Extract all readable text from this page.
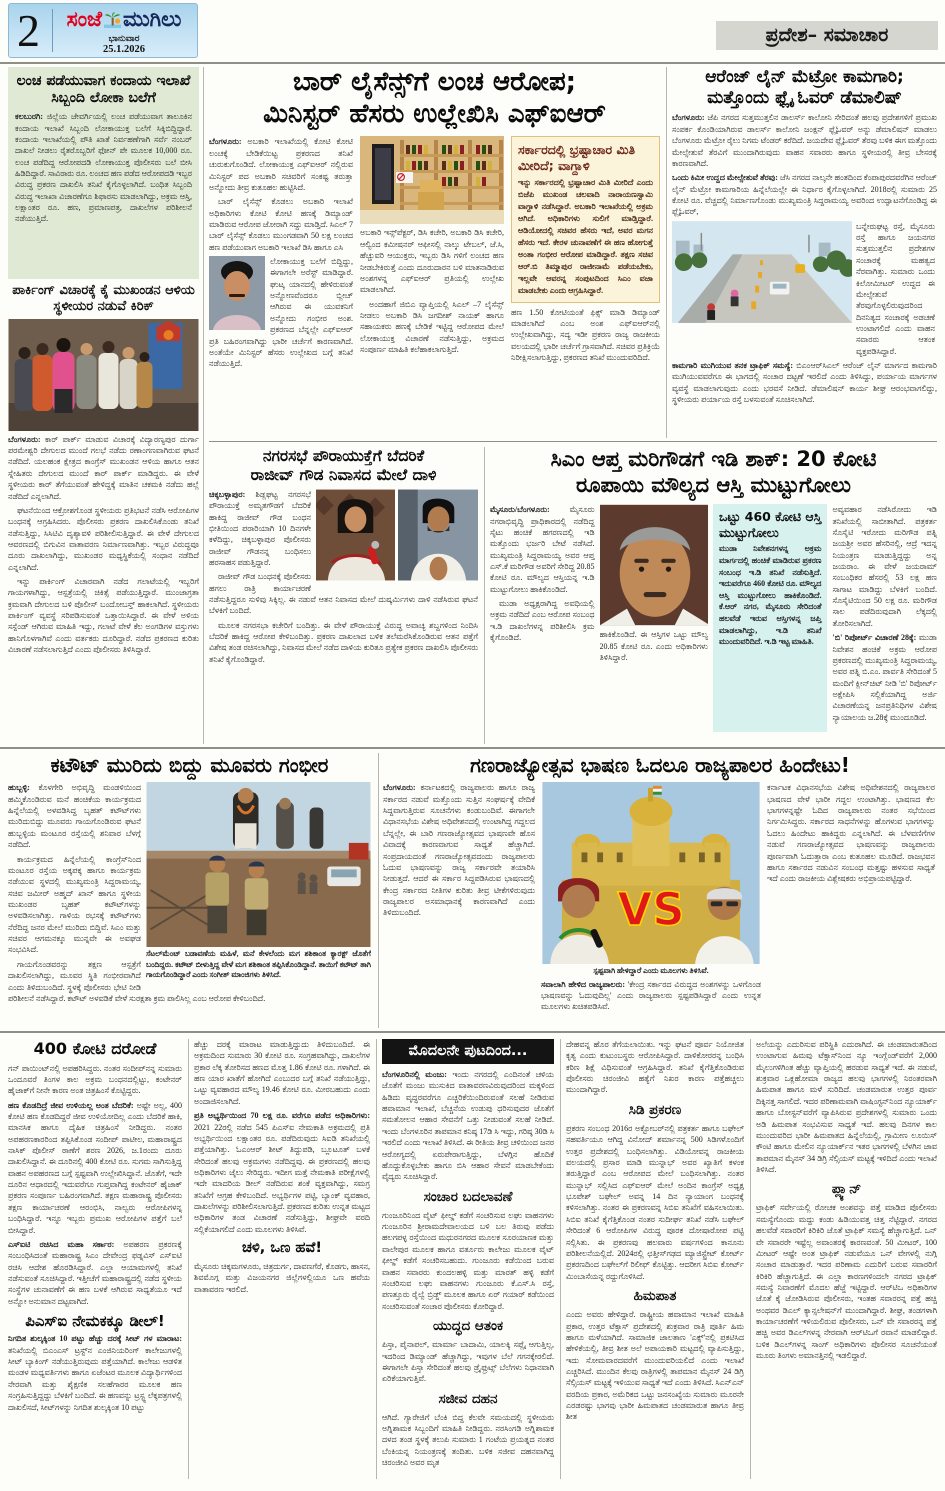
2	ಸಂಜೆ ಮುಗಿಲು
ಭಾನುವಾರ
25.1.2026
ಪ್ರದೇಶ– ಸಮಾಚಾರ
ಲಂಚ ಪಡೆಯುವಾಗ ಕಂದಾಯ ಇಲಾಖೆ ಸಿಬ್ಬಂದಿ ಲೋಕಾ ಬಲೆಗೆ

ಕಲಬುರಗಿ: ಜಿಲ್ಲೆಯ ಜೇವರ್ಗಿಯಲ್ಲಿ ಲಂಚ ಪಡೆಯುವಾಗ ತಾಲೂಕಿನ ಕಂದಾಯ ಇಲಾಖೆ ಸಿಬ್ಬಂದಿ ಲೋಕಾಯುಕ್ತ ಬಲೆಗೆ ಸಿಕ್ಕಿಬಿದ್ದಿದ್ದಾರೆ. ಕಂದಾಯ ಇಲಾಖೆಯಲ್ಲಿ ಪೌತಿ ಖಾತೆ ನಿರ್ವಹಣೆಗಾಗಿ ಸರ್ವೆ ನಂಬರ್ ದಾಖಲೆ ನೀಡಲು ರೈತರೊಬ್ಬರಿಗೆ ಫೋನ್ ಪೇ ಮೂಲಕ 10,000 ರೂ. ಲಂಚ ಪಡೆದಿದ್ದ ಆರೋಪದಡಿ ಲೋಕಾಯುಕ್ತ ಪೊಲೀಸರು ಬಲೆ ಬೀಸಿ ಹಿಡಿದಿದ್ದಾರೆ. ಸಾವಿರಾರು ರೂ. ಲಂಚದ ಹಣ ಪಡೆದ ಆರೋಪದಡಿ ಇಬ್ಬರ ವಿರುದ್ಧ ಪ್ರಕರಣ ದಾಖಲಿಸಿ ತನಿಖೆ ಕೈಗೊಳ್ಳಲಾಗಿದೆ. ಬಂಧಿತ ಸಿಬ್ಬಂದಿ ವಿರುದ್ಧ ಇಲಾಖಾ ವಿಚಾರಣೆಗೂ ಶಿಫಾರಸು ಮಾಡಲಾಗಿದ್ದು, ಅಕ್ರಮ ಆಸ್ತಿ, ಲಕ್ಷಾಂತರ ರೂ. ಹಣ, ಪ್ರಮಾಣಪತ್ರ, ದಾಖಲೆಗಳ ಪರಿಶೀಲನೆ ನಡೆಯುತ್ತಿದೆ.

ಪಾರ್ಕಿಂಗ್ ವಿಚಾರಕ್ಕೆ ಕೈ ಮುಖಂಡನ ಆಳಿಯ ಸ್ಥಳೀಯರ ನಡುವೆ ಕಿರಿಕ್

ಬೆಂಗಳೂರು: ಕಾರ್ ಪಾರ್ಕ್ ಮಾಡುವ ವಿಚಾರಕ್ಕೆ ವಿದ್ಯಾರಣ್ಯಪುರ ದುರ್ಗಾ ಪರಮೇಶ್ವರಿ ದೇಗುಲದ ಮುಂದೆ ಗಲಭೆ ನಡೆದು ರಣಾಂಗಣವಾಗಿರುವ ಘಟನೆ ನಡೆದಿದೆ. ಯಲಹಂಕ ಕ್ಷೇತ್ರದ ಕಾಂಗ್ರೆಸ್ ಮುಖಂಡನ ಆಳಿಯ ಹಾಗೂ ಆತನ ಸ್ನೇಹಿತರು ದೇಗುಲದ ಮುಂದೆ ಕಾರ್ ಪಾರ್ಕ್ ಮಾಡಿದ್ದರು. ಈ ವೇಳೆ ಸ್ಥಳೀಯರು ಕಾರ್ ತೆಗೆಯುವಂತೆ ಹೇಳಿದ್ದಕ್ಕೆ ಮಾತಿನ ಚಕಮಕಿ ನಡೆದು ಹಲ್ಲೆ ನಡೆದಿದೆ ಎನ್ನಲಾಗಿದೆ.

ಘಟನೆಯಿಂದ ಆಕ್ರೋಶಗೊಂಡ ಸ್ಥಳೀಯರು ಪ್ರತಿಭಟನೆ ನಡೆಸಿ ಆರೋಪಿಗಳ ಬಂಧನಕ್ಕೆ ಆಗ್ರಹಿಸಿದರು. ಪೊಲೀಸರು ಪ್ರಕರಣ ದಾಖಲಿಸಿಕೊಂಡು ತನಿಖೆ ನಡೆಸುತ್ತಿದ್ದು, ಸಿಸಿಟಿವಿ ದೃಶ್ಯಾವಳಿ ಪರಿಶೀಲಿಸುತ್ತಿದ್ದಾರೆ. ಈ ವೇಳೆ ದೇಗುಲದ ಆವರಣದಲ್ಲಿ ಬಿಗುವಿನ ವಾತಾವರಣ ನಿರ್ಮಾಣವಾಗಿತ್ತು. ಇಬ್ಬರ ವಿರುದ್ಧವೂ ದೂರು ದಾಖಲಾಗಿದ್ದು, ಮುಖಂಡರ ಮಧ್ಯಸ್ಥಿಕೆಯಲ್ಲಿ ಸಂಧಾನ ನಡೆದಿದೆ ಎನ್ನಲಾಗಿದೆ.

ಇನ್ನು ಪಾರ್ಕಿಂಗ್ ವಿಚಾರವಾಗಿ ನಡೆದ ಗಲಾಟೆಯಲ್ಲಿ ಇಬ್ಬರಿಗೆ ಗಾಯಗಳಾಗಿದ್ದು, ಆಸ್ಪತ್ರೆಯಲ್ಲಿ ಚಿಕಿತ್ಸೆ ಪಡೆಯುತ್ತಿದ್ದಾರೆ. ಮುಂಜಾಗ್ರತಾ ಕ್ರಮವಾಗಿ ದೇಗುಲದ ಬಳಿ ಪೊಲೀಸ್ ಬಂದೋಬಸ್ತ್ ಹಾಕಲಾಗಿದೆ. ಸ್ಥಳೀಯರು ಪಾರ್ಕಿಂಗ್ ವ್ಯವಸ್ಥೆ ಸರಿಪಡಿಸುವಂತೆ ಒತ್ತಾಯಿಸಿದ್ದಾರೆ. ಈ ವೇಳೆ ಅಳಿಯ ಸಸ್ಪೆಂಡ್ ಆಗಿರುವ ಮಾಹಿತಿ ಇದ್ದು, ಗಲಾಟೆ ವೇಳೆ ಕೆಲ ಅಂಗಡಿಗಳ ವಸ್ತುಗಳು ಹಾನಿಗೊಳಗಾಗಿವೆ ಎಂದು ವರ್ತಕರು ದೂರಿದ್ದಾರೆ. ನಡೆದ ಪ್ರಕರಣದ ಕುರಿತು ವಿಚಾರಣೆ ನಡೆಸಲಾಗುತ್ತಿದೆ ಎಂದು ಪೊಲೀಸರು ತಿಳಿಸಿದ್ದಾರೆ.

ಬಾರ್ ಲೈಸೆನ್ಸ್‌ಗೆ ಲಂಚ ಆರೋಪ;
ಮಿನಿಸ್ಟರ್ ಹೆಸರು ಉಲ್ಲೇಖಿಸಿ ಎಫ್‌ಐಆರ್

ಬೆಂಗಳೂರು: ಅಬಕಾರಿ ಇಲಾಖೆಯಲ್ಲಿ ಕೋಟಿ ಕೋಟಿ ಲಂಚಕ್ಕೆ ಬೇಡಿಕೆಯಿಟ್ಟ ಪ್ರಕರಣದ ತನಿಖೆ ಚುರುಕುಗೊಂಡಿದೆ. ಲೋಕಾಯುಕ್ತ ಎಫ್‌ಐಆರ್ ನಲ್ಲಿರುವ ಮಿನಿಸ್ಟರ್ ಪದ ಅಬಕಾರಿ ಸಚಿವರಿಗೆ ಸಂಕಷ್ಟ ತರುತ್ತಾ ಅನ್ನೋದು ತೀವ್ರ ಕುತೂಹಲ ಹುಟ್ಟಿಸಿದೆ.

ಬಾರ್ ಲೈಸೆನ್ಸ್ ಕೊಡಲು ಅಬಕಾರಿ ಇಲಾಖೆ ಅಧಿಕಾರಿಗಳು ಕೋಟಿ ಕೋಟಿ ಹಣಕ್ಕೆ ಡಿಮ್ಯಾಂಡ್ ಮಾಡಿರುವ ಆರೋಪ ಜೋರಾಗಿ ಸದ್ದು ಮಾಡ್ತಿದೆ. ಸಿಎಲ್ 7 ಬಾರ್ ಲೈಸೆನ್ಸ್ ಕೊಡಲು ಮುಂಗಡವಾಗಿ 50 ಲಕ್ಷ ಲಂಚದ ಹಣ ಪಡೆಯುವಾಗ ಅಬಕಾರಿ ಇಲಾಖೆ ಡಿಸಿ ಹಾಗೂ ಎಸಿ

ಲೋಕಾಯುಕ್ತ ಬಲೆಗೆ ಬಿದ್ದಿದ್ದು, ಈಗಾಗಲೇ ಅರೆಸ್ಟ್ ಮಾಡಿದ್ದಾರೆ. ಘುಟ್ಕ ಯಾನದಲ್ಲಿ ಹೇಳಿರುವಂತೆ ಅನ್ನೋಣವೆಂದರೂ ಬ್ಲೀಚ್ ಆಗಿರುವ ಈ ಯುವಕನಿಗೆ ಅನ್ನೋದು ಗಂಭೀರ ಅಂಶ. ಪ್ರಕರಣದ ಬೆನ್ನಲ್ಲೇ ಎಫ್‌ಐಆರ್ ಪ್ರತಿ ಬಹಿರಂಗವಾಗಿದ್ದು ಭಾರೀ ಚರ್ಚೆಗೆ ಕಾರಣವಾಗಿದೆ. ಅಂತೆಯೇ ಮಿನಿಸ್ಟರ್ ಹೆಸರು ಉಲ್ಲೇಖದ ಬಗ್ಗೆ ತನಿಖೆ ನಡೆಯುತ್ತಿದೆ.

ಅಬಕಾರಿ ಇನ್ಸ್‌ಪೆಕ್ಟರ್, ಡಿಸಿ ಕಚೇರಿ, ಅಬಕಾರಿ ಡಿಸಿ ಕಚೇರಿ, ಆಲ್ವಿಂದ ಕಮೀಷನರ್ ಆಫೀಸಲ್ಲಿ ನಾಲ್ಕು ಟೇಬಲ್, ಜೆ.ಸಿ, ಹೆಚ್ಚುವರಿ ಆಯುಕ್ತರು, ಇಬ್ಬರು ಡಿಸಿ ಗಳಿಗೆ ಲಂಚದ ಹಣ ನೀಡಬೇಕಿರುತ್ತೆ ಎಂದು ದೂರುದಾರನ ಬಳಿ ಮಾತನಾಡಿರುವ ಅಂಶಗಳನ್ನ ಎಫ್‌ಐಆರ್ ಪ್ರತಿಯಲ್ಲಿ ಉಲ್ಲೇಖ ಮಾಡಲಾಗಿದೆ.

ಅಂದಹಾಗೆ ಜಿಬಿಎ ವ್ಯಾಪ್ತಿಯಲ್ಲಿ ಸಿಎಲ್ –7 ಲೈಸೆನ್ಸ್ ನೀಡಲು ಅಬಕಾರಿ ಡಿಸಿ ಜಗದೀಶ್ ನಾಯಕ್ ಹಾಗೂ ಸಹಾಯಕರು ಹಣಕ್ಕೆ ಬೇಡಿಕೆ ಇಟ್ಟಿದ್ದ ಆರೋಪದ ಮೇಲೆ ಲೋಕಾಯುಕ್ತ ವಿಚಾರಣೆ ನಡೆಸುತ್ತಿದ್ದು, ಅಕ್ರಮದ ಸಂಪೂರ್ಣ ಮಾಹಿತಿ ಕಲೆಹಾಕಲಾಗುತ್ತಿದೆ.

ಸರ್ಕಾರದಲ್ಲಿ ಭ್ರಷ್ಟಾಚಾರ ಮಿತಿ ಮೀರಿದೆ; ವಾಗ್ದಾಳಿ
ಇನ್ನು ಸರ್ಕಾರದಲ್ಲಿ ಭ್ರಷ್ಟಾಚಾರ ಮಿತಿ ಮೀರಿದೆ ಎಂದು ಬಿಜೆಪಿ ಮುಖಂಡ ಚಲವಾದಿ ನಾರಾಯಣಸ್ವಾಮಿ ವಾಗ್ದಾಳಿ ನಡೆಸಿದ್ದಾರೆ. ಅಬಕಾರಿ ಇಲಾಖೆಯಲ್ಲಿ ಅಕ್ರಮ ಆಗಿದೆ. ಅಧಿಕಾರಿಗಳು ಸುಲಿಗೆ ಮಾಡ್ತಿದ್ದಾರೆ. ಆಡಿಯೋದಲ್ಲಿ ಸಚಿವರ ಹೆಸರು ಇದೆ, ಅವರ ಮಗನ ಹೆಸರು ಇದೆ. ಕೇರಳ ಚುನಾವಣೆಗೆ ಈ ಹಣ ಹೋಗುತ್ತೆ ಅಂತಾ ಗಂಭೀರ ಆರೋಪ ಮಾಡಿದ್ದಾರೆ. ತಕ್ಷಣ ಸಚಿವ ಆರ್.ಬಿ ತಿಮ್ಮಾಪುರ ರಾಜೀನಾಮೆ ಪಡೆಯಬೇಕು, ಇಲ್ಲವೇ ಆವರನ್ನ ಸಂಪುಟದಿಂದ ಸಿಎಂ ವಜಾ ಮಾಡಬೇಕು ಎಂದು ಆಗ್ರಹಿಸಿದ್ದಾರೆ.

ಹಣ 1.50 ಕೋಟಿಯಂತೆ ಫಿಕ್ಸ್ ಮಾಡಿ ಡಿಮ್ಯಾಂಡ್ ಮಾಡಲಾಗಿದೆ ಎಂಬ ಅಂಶ ಎಫ್‌ಐಆರ್‌ನಲ್ಲಿ ಉಲ್ಲೇಖವಾಗಿದ್ದು, ಸದ್ಯ ಇಡೀ ಪ್ರಕರಣ ರಾಜ್ಯ ರಾಜಕೀಯ ವಲಯದಲ್ಲಿ ಭಾರೀ ಚರ್ಚೆಗೆ ಗ್ರಾಸವಾಗಿದೆ. ಸಚಿವರ ಪ್ರತಿಕ್ರಿಯೆ ನಿರೀಕ್ಷಿಸಲಾಗುತ್ತಿದ್ದು, ಪ್ರಕರಣದ ತನಿಖೆ ಮುಂದುವರಿದಿದೆ.

ಆರೆಂಜ್ ಲೈನ್ ಮೆಟ್ರೋ ಕಾಮಗಾರಿ;
ಮತ್ತೊಂದು ಫ್ಲೈ ಓವರ್ ಡೆಮಾಲಿಷ್

ಬೆಂಗಳೂರು: ಜೆಪಿ ನಗರದ ಸುತ್ತಮುತ್ತಲಿನ ಡಾಲರ್ಸ್ ಕಾಲೋನಿ ಸೇರಿದಂತೆ ಹಲವು ಪ್ರದೇಶಗಳಿಗೆ ಪ್ರಮುಖ ಸಂಪರ್ಕ ಕೊಂಡಿಯಾಗಿರುವ ಡಾಲರ್ಸ್ ಕಾಲೋನಿ ಜಂಕ್ಷನ್ ಫ್ಲೈಓವರ್ ಅನ್ನು ಡೆಮಾಲಿಷನ್ ಮಾಡಲು ಬೆಂಗಳೂರು ಮೆಟ್ರೋ ರೈಲು ನಿಗಮ ಟೆಂಡರ್ ಕರೆದಿದೆ. ಜಯದೇವ ಫ್ಲೈಓವರ್ ತೆರವು ಬಳಿಕ ಈಗ ಮತ್ತೊಂದು ಮೇಲ್ಸೇತುವೆ ತೆರವಿಗೆ ಮುಂದಾಗಿರುವುದು ವಾಹನ ಸವಾರರು ಹಾಗೂ ಸ್ಥಳೀಯರಲ್ಲಿ ತೀವ್ರ ಬೇಸರಕ್ಕೆ ಕಾರಣವಾಗಿದೆ.

ಒಂದು ಕಿಮೀ ಉದ್ದದ ಮೇಲ್ಸೇತುವೆ ತೆರವು: ಜೆಸಿ ನಗರದ ನಾಲ್ಕನೇ ಹಂತದಿಂದ ಕೆಂಪಾಪುರದವರೆಗಿನ ಆರೆಂಜ್ ಲೈನ್ ಮೆಟ್ರೋ ಕಾಮಗಾರಿಯ ಹಿನ್ನೆಲೆಯಲ್ಲೇ ಈ ನಿರ್ಧಾರ ಕೈಗೊಳ್ಳಲಾಗಿದೆ. 2018ರಲ್ಲಿ ಸುಮಾರು 25 ಕೋಟಿ ರೂ. ವೆಚ್ಚದಲ್ಲಿ ನಿರ್ಮಾಣಗೊಂಡು ಮುಖ್ಯಮಂತ್ರಿ ಸಿದ್ದರಾಮಯ್ಯ ಅವರಿಂದ ಉದ್ಘಾಟನೆಗೊಂಡಿದ್ದ ಈ ಫ್ಲೈಓವರ್,

ಬನ್ನೇರುಘಟ್ಟ ರಸ್ತೆ, ಮೈಸೂರು ರಸ್ತೆ ಹಾಗೂ ಜಯನಗರ ಸುತ್ತಮುತ್ತಲಿನ ಪ್ರದೇಶಗಳ ಸಂಚಾರಕ್ಕೆ ಮಹತ್ವದ ನೆರವಾಗಿತ್ತು. ಸುಮಾರು ಒಂದು ಕಿಲೋಮೀಟರ್ ಉದ್ದದ ಈ ಮೇಲ್ಸೇತುವೆ ತೆರವುಗೊಳ್ಳಲಿರುವುದರಿಂದ ದಿನನಿತ್ಯದ ಸಂಚಾರಕ್ಕೆ ಅಡಚಣೆ ಉಂಟಾಗಲಿದೆ ಎಂದು ವಾಹನ ಸವಾರರು ಆತಂಕ ವ್ಯಕ್ತಪಡಿಸಿದ್ದಾರೆ.

ಕಾಮಗಾರಿ ಮುಗಿಯುವ ತನಕ ಟ್ರಾಫಿಕ್ ಸಮಸ್ಯೆ: ಬಿಎಂಆರ್‌ಸಿಎಲ್ ಆರೆಂಜ್ ಲೈನ್ ಮಾರ್ಗದ ಕಾಮಗಾರಿ ಮುಗಿಯುವವರೆಗೂ ಈ ಭಾಗದಲ್ಲಿ ಸಂಚಾರ ದಟ್ಟಣೆ ಇರಲಿದೆ ಎಂದು ತಿಳಿಸಿದ್ದು, ಪರ್ಯಾಯ ಮಾರ್ಗಗಳ ವ್ಯವಸ್ಥೆ ಮಾಡಲಾಗುವುದು ಎಂದು ಭರವಸೆ ನೀಡಿದೆ. ಡೆಮಾಲಿಷನ್ ಕಾರ್ಯ ಶೀಘ್ರ ಆರಂಭವಾಗಲಿದ್ದು, ಸ್ಥಳೀಯರು ಪರ್ಯಾಯ ರಸ್ತೆ ಬಳಸುವಂತೆ ಸೂಚಿಸಲಾಗಿದೆ.

ನಗರಸಭೆ ಪೌರಾಯುಕ್ತೆಗೆ ಬೆದರಿಕೆ
ರಾಜೀವ್ ಗೌಡ ನಿವಾಸದ ಮೇಲೆ ದಾಳಿ

ಚಿಕ್ಕಬಳ್ಳಾಪುರ: ಶಿಡ್ಲಘಟ್ಟ ನಗರಸಭೆ ಪೌರಾಯುಕ್ತೆ ಅಮೃತಗೌಡಗೆ ಬೆದರಿಕೆ ಹಾಕಿದ್ದ ರಾಜೀವ್ ಗೌಡ ಬಂಧನ ಭೀತಿಯಿಂದ ಪರಾರಿಯಾಗಿ 10 ದಿನಗಳೇ ಕಳೆದಿದ್ದು, ಚಿಕ್ಕಬಳ್ಳಾಪುರ ಪೊಲೀಸರು ರಾಜೀವ್ ಗೌಡನನ್ನ ಬಂಧಿಸಲು ಹರಸಾಹಸ ಪಡುತ್ತಿದ್ದಾರೆ.

ರಾಜೀವ್ ಗೌಡ ಬಂಧನಕ್ಕೆ ಪೊಲೀಸರು ಹಗಲು ರಾತ್ರಿ ಕಾರ್ಯಾಚರಣೆ ನಡೆಸುತ್ತಿದ್ದರೂ ಸುಳಿವು ಸಿಕ್ಕಿಲ್ಲ. ಈ ನಡುವೆ ಆತನ ನಿವಾಸದ ಮೇಲೆ ದುಷ್ಕರ್ಮಿಗಳು ದಾಳಿ ನಡೆಸಿರುವ ಘಟನೆ ಬೆಳಕಿಗೆ ಬಂದಿದೆ.

ಮೂಲಕ ನಗರಸಭಾ ಕಚೇರಿಗೆ ಬಂದಿತ್ತು. ಈ ವೇಳೆ ಪೌರಾಯುಕ್ತೆ ವಿರುದ್ಧ ಅವಾಚ್ಯ ಶಬ್ದಗಳಿಂದ ನಿಂದಿಸಿ ಬೆದರಿಕೆ ಹಾಕಿದ್ದ ಆರೋಪ ಕೇಳಿಬಂದಿತ್ತು. ಪ್ರಕರಣ ದಾಖಲಾದ ಬಳಿಕ ತಲೆಮರೆಸಿಕೊಂಡಿರುವ ಆತನ ಪತ್ತೆಗೆ ವಿಶೇಷ ತಂಡ ರಚಿಸಲಾಗಿದ್ದು, ನಿವಾಸದ ಮೇಲೆ ನಡೆದ ದಾಳಿಯ ಕುರಿತೂ ಪ್ರತ್ಯೇಕ ಪ್ರಕರಣ ದಾಖಲಿಸಿ ಪೊಲೀಸರು ತನಿಖೆ ಕೈಗೊಂಡಿದ್ದಾರೆ.

ಸಿಎಂ ಆಪ್ತ ಮರಿಗೌಡಗೆ ಇಡಿ ಶಾಕ್: 20 ಕೋಟಿ
ರೂಪಾಯಿ ಮೌಲ್ಯದ ಆಸ್ತಿ ಮುಟ್ಟುಗೋಲು

ಮೈಸೂರು/ಬೆಂಗಳೂರು: ಮೈಸೂರು ನಗರಾಭಿವೃದ್ಧಿ ಪ್ರಾಧಿಕಾರದಲ್ಲಿ ನಡೆದಿದ್ದ ಸೈಟು ಹಂಚಿಕೆ ಹಗರಣದಲ್ಲಿ ಇಡಿ ಮತ್ತೊಂದು ಭರ್ಜರಿ ಬೇಟೆ ನಡೆಸಿದೆ. ಮುಖ್ಯಮಂತ್ರಿ ಸಿದ್ದರಾಮಯ್ಯ ಅವರ ಆಪ್ತ ಎಸ್.ಕೆ ಮರಿಗೌಡ ಅವರಿಗೆ ಸೇರಿದ್ದ 20.85 ಕೋಟಿ ರೂ. ಮೌಲ್ಯದ ಆಸ್ತಿಯನ್ನ ಇ.ಡಿ ಮುಟ್ಟುಗೋಲು ಹಾಕಿಕೊಂಡಿದೆ.

ಮುಡಾ ಅಧ್ಯಕ್ಷರಾಗಿದ್ದ ಅವಧಿಯಲ್ಲಿ ಅಕ್ರಮ ನಡೆದಿದೆ ಎಂಬ ಆರೋಪ ಸಂಬಂಧ ಇ.ಡಿ ದಾಖಲೆಗಳನ್ನ ಪರಿಶೀಲಿಸಿ ಕ್ರಮ ಕೈಗೊಂಡಿದೆ.	ಹಾಕಿಕೊಂಡಿದೆ. ಈ ಆಸ್ತಿಗಳ ಒಟ್ಟು ಮೌಲ್ಯ 20.85 ಕೋಟಿ ರೂ. ಎಂದು ಅಧಿಕಾರಿಗಳು ತಿಳಿಸಿದ್ದಾರೆ.

ಒಟ್ಟು 460 ಕೋಟಿ ಆಸ್ತಿ ಮುಟ್ಟುಗೋಲು
ಮುಡಾ ನಿವೇಶನಗಳನ್ನ ಅಕ್ರಮ ಮಾರ್ಗದಲ್ಲಿ ಹಂಚಿಕೆ ಮಾಡಿರುವ ಪ್ರಕರಣ ಸಂಬಂಧ ಇ.ಡಿ ತನಿಖೆ ನಡೆಸುತ್ತಿದೆ. ಇದುವರೆಗೂ 460 ಕೋಟಿ ರೂ. ಮೌಲ್ಯದ ಆಸ್ತಿ ಮುಟ್ಟುಗೋಲು ಹಾಕಿಕೊಂಡಿದೆ. ಕೆ.ಆರ್ ನಗರ, ಮೈಸೂರು ಸೇರಿದಂತೆ ಹಲವೆಡೆ ಇರುವ ಆಸ್ತಿಗಳನ್ನ ಜಪ್ತಿ ಮಾಡಲಾಗಿದ್ದು, ಇ.ಡಿ ತನಿಖೆ ಮುಂದುವರಿದಿದೆ. ಇ.ಡಿ ಇಟ್ಟ ಮಾಹಿತಿ.

ಅವ್ಯವಹಾರ ನಡೆಸಿರೋದು ಇಡಿ ತನಿಖೆಯಲ್ಲಿ ಸಾಬೀತಾಗಿದೆ. ಪತ್ರಕರ್ತ ಸೊಸೈಟಿ ಇರೋದು ಮರಿಗೌಡ ಪತ್ನಿ ಜಯಶ್ರೀ ಅವರ ಹೆಸರಿನಲ್ಲಿ, ಆದ್ರೆ ಇದನ್ನ ನಿಯಂತ್ರಣ ಮಾಡುತ್ತಿದ್ದದ್ದು ಅನ್ನ ಜಯರಾಂ. ಈ ವೇಳೆ ಜಯರಾಮ್ ಸಂಬಂಧಿಕರ ಹೆಸರಲ್ಲಿ 53 ಲಕ್ಷ ಹಣ ಸಾಗಾಟ ಮಾಡಿದ್ದು ಬೆಳಕಿಗೆ ಬಂದಿದೆ. ಸೊಸೈಟಿಯಿಂದ 50 ಲಕ್ಷ ರೂ. ಮರಿಗೌಡ ಸಾಲ ಪಡೆದಿರುವುದಾಗಿ ಲೆಕ್ಕದಲ್ಲಿ ತೋರಿಸಲಾಗಿದೆ.

'ಬಿ' ರಿಪೋರ್ಟ್ ವಿಚಾರಣೆ 28ಕ್ಕೆ: ಮುಡಾ ನಿವೇಶನ ಹಂಚಿಕೆ ಅಕ್ರಮ ಆರೋಪ ಪ್ರಕರಣದಲ್ಲಿ ಮುಖ್ಯಮಂತ್ರಿ ಸಿದ್ದರಾಮಯ್ಯ, ಅವರ ಪತ್ನಿ ಬಿ.ಎಂ. ಪಾರ್ವತಿ ಸೇರಿದಂತೆ 5 ಮಂದಿಗೆ ಕ್ಲೀನ್‌ಚಿಟ್ ನೀಡಿ 'ಬಿ' ರಿಪೋರ್ಟ್ ಅಕ್ಷೇಪಿಸಿ ಸಲ್ಲಿಕೆಯಾಗಿದ್ದ ಅರ್ಜಿ ವಿಚಾರಣೆಯನ್ನ ಜನಪ್ರತಿನಿಧಿಗಳ ವಿಶೇಷ ನ್ಯಾಯಾಲಯ ಜ.28ಕ್ಕೆ ಮುಂದೂಡಿದೆ.

ಕಟೌಟ್ ಮುರಿದು ಬಿದ್ದು ಮೂವರು ಗಂಭೀರ
ಸೆಟಲ್‌ಮೆಂಟ್ ಬಡಾವಣೆಯ ಮಹಿಳೆ, ಮನೆ ಕೇಳಲೆಂದು ಮಗ ಶಶಿಕಾಂತ ಕ್ಯಾರಕ್ಟ್ ಜೊತೆಗೆ ಬಂದಿದ್ದರು. ಕಟೌಟ್ ಬೀಳುತ್ತಿದ್ದ ವೇಳೆ ಮಗ ಶಶಿಕಾಂತ ತಪ್ಪಿಸಿಕೊಂಡಿದ್ದಾನೆ. ತಾಯಿಗೆ ಕಟೌಟ್ ತಾಗಿ ಗಾಯಗೊಂಡಿದ್ದಾರೆ ಎಂದು ಸಂಗೀತ್ ಮಾಂಜಿಗಳು ತಿಳಿಸಿದೆ.

ಹುಬ್ಬಳ್ಳಿ: ಕೊಳಗೇರಿ ಅಭಿವೃದ್ಧಿ ಮಂಡಳಿಯಿಂದ ಹಮ್ಮಿಕೊಂಡಿರುವ ಮನೆ ಹಂಚಿಕೆಯ ಕಾರ್ಯಕ್ರಮದ ಹಿನ್ನೆಲೆಯಲ್ಲಿ ಅಳವಡಿಸಿದ್ದ ಬೃಹತ್ ಕಟೌಟ್‌ಗಳು ಮುರಿದುಬಿದ್ದು ಮೂವರು ಗಾಯಗೊಂಡಿರುವ ಘಟನೆ ಹುಬ್ಬಳ್ಳಿಯ ಮಂಟೂರ ರಸ್ತೆಯಲ್ಲಿ ಶನಿವಾರ ಬೆಳಗ್ಗೆ ನಡೆದಿದೆ.

ಕಾರ್ಯಕ್ರಮದ ಹಿನ್ನೆಲೆಯಲ್ಲಿ ಕಾಂಗ್ರೆಸ್‌ನಿಂದ ಮಂಟೂರ ರಸ್ತೆಯ ಅಕ್ಕಪಕ್ಕ ಹಾಗೂ ಕಾರ್ಯಕ್ರಮ ನಡೆಯುವ ಸ್ಥಳದಲ್ಲಿ ಮುಖ್ಯಮಂತ್ರಿ ಸಿದ್ದರಾಮಯ್ಯ, ಸಚಿವ ಜಮೀರ್ ಅಹ್ಮದ್ ಖಾನ್ ಹಾಗೂ ಸ್ಥಳೀಯ ಮುಖಂಡರ ಬೃಹತ್ ಕಟೌಟ್‌ಗಳನ್ನು ಅಳವಡಿಸಲಾಗಿತ್ತು. ಗಾಳಿಯ ರಭಸಕ್ಕೆ ಕಟೌಟ್‌ಗಳು ನೆರೆದಿದ್ದ ಜನರ ಮೇಲೆ ಮುರಿದು ಬಿದ್ದಿವೆ. ಸಿಎಂ ಮತ್ತು ಸಚಿವರ ಆಗಮನಕ್ಕೂ ಮುನ್ನವೇ ಈ ಅವಘಡ ಸಂಭವಿಸಿದೆ.

ಗಾಯಗೊಂಡವರನ್ನು ತಕ್ಷಣ ಆಸ್ಪತ್ರೆಗೆ ದಾಖಲಿಸಲಾಗಿದ್ದು, ಮೂವರ ಸ್ಥಿತಿ ಗಂಭೀರವಾಗಿದೆ ಎಂದು ತಿಳಿದುಬಂದಿದೆ. ಸ್ಥಳಕ್ಕೆ ಪೊಲೀಸರು ಭೇಟಿ ನೀಡಿ ಪರಿಶೀಲನೆ ನಡೆಸಿದ್ದಾರೆ. ಕಟೌಟ್ ಅಳವಡಿಕೆ ವೇಳೆ ಸುರಕ್ಷತಾ ಕ್ರಮ ಪಾಲಿಸಿಲ್ಲ ಎಂಬ ಆರೋಪ ಕೇಳಿಬಂದಿದೆ.

ಗಣರಾಜ್ಯೋತ್ಸವ ಭಾಷಣ ಓದಲೂ ರಾಜ್ಯಪಾಲರ ಹಿಂದೇಟು!

ಬೆಂಗಳೂರು: ಕರ್ನಾಟಕದಲ್ಲಿ ರಾಜ್ಯಪಾಲರು ಹಾಗೂ ರಾಜ್ಯ ಸರ್ಕಾರದ ನಡುವೆ ಮತ್ತೊಂದು ಸುತ್ತಿನ ಸಂಘರ್ಷಕ್ಕೆ ವೇದಿಕೆ ಸಿದ್ದವಾಗುತ್ತಿರುವ ಸೂಚನೆಗಳು ಕಂಡುಬಂದಿವೆ. ಈಗಾಗಲೇ ವಿಧಾನಸಭೆಯ ವಿಶೇಷ ಅಧಿವೇಶನದಲ್ಲಿ ಉಂಟಾಗಿದ್ದ ಗದ್ದಲದ ಬೆನ್ನಲ್ಲೇ, ಈ ಬಾರಿ ಗಣರಾಜ್ಯೋತ್ಸವದ ಭಾಷಣವೇ ಹೊಸ ವಿವಾದಕ್ಕೆ ಕಾರಣವಾಗುವ ಸಾಧ್ಯತೆ ಹೆಚ್ಚಾಗಿದೆ. ಸಂಪ್ರದಾಯದಂತೆ ಗಣರಾಜ್ಯೋತ್ಸವದಂದು ರಾಜ್ಯಪಾಲರು ಓದುವ ಭಾಷಣವನ್ನು ರಾಜ್ಯ ಸರ್ಕಾರವೇ ತಯಾರಿಸಿ ನೀಡುತ್ತದೆ. ಆದರೆ ಈ ಸರ್ಕಾರ ಸಿದ್ದಪಡಿಸಿರುವ ಭಾಷಣದಲ್ಲಿ ಕೇಂದ್ರ ಸರ್ಕಾರದ ನೀತಿಗಳ ಕುರಿತು ತೀವ್ರ ಟೀಕೆಗಳಿರುವುದು ರಾಜ್ಯಪಾಲರ ಅಸಮಾಧಾನಕ್ಕೆ ಕಾರಣವಾಗಿದೆ ಎಂದು ತಿಳಿದುಬಂದಿದೆ.	VS
ಸ್ಪಷ್ಟವಾಗಿ ಹೇಳಿದ್ದಾರೆ ಎಂದು ಮೂಲಗಳು ತಿಳಿಸಿವೆ.

ಸವಾಲಾಗಿ ಹೇಳಿದ ರಾಜ್ಯಪಾಲರು: 'ಕೇಂದ್ರ ಸರ್ಕಾರದ ವಿರುದ್ಧದ ಅಂಶಗಳನ್ನು ಒಳಗೊಂಡ ಭಾಷಣವನ್ನು ಓದುವುದಿಲ್ಲ' ಎಂದು ರಾಜ್ಯಪಾಲರು ಸ್ಪಷ್ಟಪಡಿಸಿದ್ದಾರೆ ಎಂದು ಉನ್ನತ ಮೂಲಗಳು ಖಚಿತಪಡಿಸಿವೆ.

ಕರ್ನಾಟಕ ವಿಧಾನಸಭೆಯ ವಿಶೇಷ ಅಧಿವೇಶನದಲ್ಲಿ ರಾಜ್ಯಪಾಲರ ಭಾಷಣದ ವೇಳೆ ಭಾರೀ ಗದ್ದಲ ಉಂಟಾಗಿತ್ತು. ಭಾಷಣದ ಕೆಲ ಭಾಗಗಳನ್ನಷ್ಟೇ ಓದಿದ ರಾಜ್ಯಪಾಲರು ನಂತರ ಸಭೆಯಿಂದ ನಿರ್ಗಮಿಸಿದ್ದರು. ಸರ್ಕಾರದ ಸಾಧನೆಗಳನ್ನು ಹೊಗಳುವ ಭಾಗಗಳನ್ನು ಓದಲು ಹಿಂದೇಟು ಹಾಕಿದ್ದರು ಎನ್ನಲಾಗಿದೆ. ಈ ಬೆಳವಣಿಗೆಗಳ ನಡುವೆ ಗಣರಾಜ್ಯೋತ್ಸವದ ಭಾಷಣವನ್ನು ರಾಜ್ಯಪಾಲರು ಪೂರ್ಣವಾಗಿ ಓದುತ್ತಾರಾ ಎಂಬ ಕುತೂಹಲ ಮೂಡಿದೆ. ರಾಜಭವನ ಹಾಗೂ ಸರ್ಕಾರದ ನಡುವಿನ ಸಂಬಂಧ ಮತ್ತಷ್ಟು ಹಳಸುವ ಸಾಧ್ಯತೆ ಇದೆ ಎಂದು ರಾಜಕೀಯ ವಿಶ್ಲೇಷಕರು ಅಭಿಪ್ರಾಯಪಟ್ಟಿದ್ದಾರೆ.

400 ಕೋಟಿ ದರೋಡೆ

ಗನ್ ಪಾಯಿಂಟ್‌ನಲ್ಲಿ ಅಪಹರಿಸಿದ್ದರು. ನಂತರ ಸಂದೀಪ್‌ನನ್ನ ಸುಮಾರು ಒಂದೂವರೆ ತಿಂಗಳ ಕಾಲ ಅಕ್ರಮ ಬಂಧನದಲ್ಲಿಟ್ಟು, ಕಂಟೇನರ್ ಹೈಜಾಕ್‌ಗೆ ನೀನೇ ಕಾರಣ ಅಂತ ಚಿತ್ರಹಿಂಸೆ ಕೊಟ್ಟಿದ್ದರು.

ಹಣ ಕೊಡದಿದ್ರೆ ಜೀವ ಉಳಿಯಲ್ಲ ಅಂತ ಬೆದರಿಕೆ: ಅಷ್ಟೇ ಅಲ್ಲ, 400 ಕೋಟಿ ಹಣ ಕೊಡದಿದ್ದರೆ ಜೀವ ಉಳಿಯೋದಿಲ್ಲ ಎಂದು ಬೆದರಿಕೆ ಹಾಕಿ, ಮಾನಸಿಕ ಹಾಗೂ ದೈಹಿಕ ಚಿತ್ರಹಿಂಸೆ ನೀಡಿದ್ದರು. ನಂತರ ಅಪಹರಣಕಾರರಿಂದ ತಪ್ಪಿಸಿಕೊಂಡ ಸಂದೀಪ್ ಪಾಟೀಲ, ಮಹಾರಾಷ್ಟ್ರದ ನಾಸಿಕ್ ಪೊಲೀಸ್ ಠಾಣೆಗೆ ಶರಣ 2026, ಜ.1ರಂದು ದೂರು ದಾಖಲಿಸಿದ್ದಾನೆ. ಈ ದೂರಿನಲ್ಲಿ 400 ಕೋಟಿ ರೂ. ಸುಗಮ ಸಾಗಿಸುತ್ತಿದ್ದ ವಾಹನ ಅಪಹರಣದ ಬಗ್ಗೆ ಸ್ಪಷ್ಟವಾಗಿ ಉಲ್ಲೇಖಿಸಿದ್ದಾನೆ. ಜೊತೆಗೆ, ಇದೇ ದೂರಿನ ಆಧಾರದಲ್ಲಿ ಇದುವರೆಗೂ ಗುಪ್ತವಾಗಿದ್ದ ಕಂಟೇನರ್ ಹೈಜಾಕ್ ಪ್ರಕರಣ ಸಂಪೂರ್ಣ ಬಹಿರಂಗವಾಗಿದೆ. ತಕ್ಷಣ ಮಹಾರಾಷ್ಟ್ರ ಪೊಲೀಸರು ತಕ್ಷಣ ಕಾರ್ಯಾಚರಣೆ ಆರಂಭಿಸಿ, ನಾಲ್ವರು ಆರೋಪಿಗಳನ್ನ ಬಂಧಿಸಿದ್ದಾರೆ. ಇನ್ನೂ ಇಬ್ಬರು ಪ್ರಮುಖ ಆರೋಪಿಗಳ ಪತ್ತೆಗೆ ಬಲೆ ಬೀಸಿದ್ದಾರೆ.

ಎಸ್ಐಟಿ ರಚಿಸಿದ ಮಹಾ ಸರ್ಕಾರ: ಅಪಹರಣ ಪ್ರಕರಣಕ್ಕೆ ಸಂಬಂಧಿಸಿದಂತೆ ಮಹಾರಾಷ್ಟ್ರ ಸಿಎಂ ದೇವೇಂದ್ರ ಫಡ್ನವಿಸ್ ಎಸ್ಐಟಿ ರಚಿಸಿ ಆದೇಶ ಹೊರಡಿಸಿದ್ದಾರೆ. ಎಲ್ಲಾ ಆಯಾಮಗಳಲ್ಲಿ ತನಿಖೆ ನಡೆಸುವಂತೆ ಸೂಚಿಸಿದ್ದಾರೆ. ಇತ್ತೀಚೆಗೆ ಮಹಾರಾಷ್ಟ್ರದಲ್ಲಿ ನಡೆದ ಸ್ಥಳೀಯ ಸಂಸ್ಥೆಗಳ ಚುನಾವಣೆಗೆ ಈ ಹಣ ಬಳಕೆ ಆಗಿರುವ ಸಾಧ್ಯತೆಯೂ ಇದೆ ಅನ್ನೋ ಅನುಮಾನ ದಟ್ಟವಾಗಿದೆ.

ಪಿಎಸ್ಐ ನೇಮಕಕ್ಕೂ ಡೀಲ್!

ನಿಗದಿತ ಶುಲ್ಕಕ್ಕಿಂತ 10 ಪಟ್ಟು ಹೆಚ್ಚು ದರಕ್ಕೆ ಸೀಟ್ ಗಳ ಮಾರಾಟ: ತನಿಖೆಯಲ್ಲಿ ಬಿಎಂಎಸ್ ಟ್ರಸ್ಟ್‌ನ ಎಂಜಿನಿಯರಿಂಗ್ ಕಾಲೇಜುಗಳಲ್ಲಿ ಸೀಟ್ ಬ್ಯಾಕಿಂಗ್ ನಡೆಯುತ್ತಿರುವುದು ಪತ್ತೆಯಾಗಿದೆ. ಕಾಲೇಜು ಆಡಳಿತ ಮಂಡಳ ಮಧ್ಯವರ್ತಿಗಳು ಹಾಗೂ ಏಜೆಂಟರ ಮೂಲಕ ವಿದ್ಯಾರ್ಥಿಗಳಿಂದ ನೇರವಾಗಿ ಮತ್ತು ಶೈಕ್ಷಣಿಕ ಸಲಹೆಗಾರರ ಮೂಲಕ ಹಣ ಸಂಗ್ರಹಿಸುತ್ತಿದ್ದದ್ದು ಬೆಳಕಿಗೆ ಬಂದಿದೆ. ಈ ಹಣವನ್ನು ಟ್ರಸ್ಟ್ನ ಲೆಕ್ಕಪತ್ರಗಳಲ್ಲಿ ದಾಖಲಿಸದೆ, ಸೀಟ್‌ಗಳನ್ನು ನಿಗದಿತ ಶುಲ್ಕಕ್ಕಿಂತ 10 ಪಟ್ಟು

ಹೆಚ್ಚು ದರಕ್ಕೆ ಮಾರಾಟ ಮಾಡುತ್ತಿದ್ದುದು ತಿಳಿದುಬಂದಿದೆ. ಈ ಅಕ್ರಮದಿಂದ ಸುಮಾರು 30 ಕೋಟಿ ರೂ. ಸಂಗ್ರಹವಾಗಿದ್ದು, ದಾಖಲೆಗಳ ಪ್ರಕಾರ ಲೆಕ್ಕ ತೋರಿಸದ ಹಣದ ಮೊತ್ತ 1.86 ಕೋಟಿ ರೂ. ಗಳಾಗಿದೆ. ಈ ಹಣ ಯಾರ ಖಾತೆಗೆ ಹೋಗಿದೆ ಎಂಬುದರ ಬಗ್ಗೆ ತನಿಖೆ ನಡೆಯುತ್ತಿದ್ದು, ಒಟ್ಟು ವ್ಯವಹಾರದ ಮೌಲ್ಯ 19.46 ಕೋಟಿ ರೂ. ಮೀರಬಹುದು ಎಂದು ಅಂದಾಜಿಸಲಾಗಿದೆ.

ಪ್ರತಿ ಅಭ್ಯರ್ಥಿಯಿಂದ 70 ಲಕ್ಷ ರೂ. ವರೆಗೂ ಪಡೆದ ಅಧಿಕಾರಿಗಳು: 2021 22ರಲ್ಲಿ ನಡೆದ 545 ಪಿಎಸ್ಐ ನೇಮಕಾತಿ ಅಕ್ರಮದಲ್ಲಿ ಪ್ರತಿ ಅಭ್ಯರ್ಥಿಯಿಂದ ಲಕ್ಷಾಂತರ ರೂ. ಪಡೆದಿರುವುದು ಸಿಐಡಿ ತನಿಖೆಯಲ್ಲಿ ಪತ್ತೆಯಾಗಿತ್ತು. ಓಎಂಆರ್ ಶೀಟ್ ತಿದ್ದುಪಡಿ, ಬ್ಲೂಟೂತ್ ಬಳಕೆ ಸೇರಿದಂತೆ ಹಲವು ಅಕ್ರಮಗಳು ನಡೆದಿದ್ದವು. ಈ ಪ್ರಕರಣದಲ್ಲಿ ಹಲವು ಅಧಿಕಾರಿಗಳು ಜೈಲು ಸೇರಿದ್ದರು. ಇದೀಗ ಮತ್ತೆ ನೇಮಕಾತಿ ಪರೀಕ್ಷೆಗಳಲ್ಲಿ ಇದೇ ಮಾದರಿಯ ಡೀಲ್ ನಡೆದಿರುವ ಶಂಕೆ ವ್ಯಕ್ತವಾಗಿದ್ದು, ಸಮಗ್ರ ತನಿಖೆಗೆ ಆಗ್ರಹ ಕೇಳಿಬಂದಿದೆ. ಅಭ್ಯರ್ಥಿಗಳ ಪಟ್ಟಿ, ಬ್ಯಾಂಕ್ ವ್ಯವಹಾರ, ದಾಖಲೆಗಳನ್ನು ಪರಿಶೀಲಿಸಲಾಗುತ್ತಿದೆ. ಪ್ರಕರಣದ ಕುರಿತು ಉನ್ನತ ಮಟ್ಟದ ಅಧಿಕಾರಿಗಳ ತಂಡ ವಿಚಾರಣೆ ನಡೆಸುತ್ತಿದ್ದು, ಶೀಘ್ರವೇ ವರದಿ ಸಲ್ಲಿಕೆಯಾಗಲಿದೆ ಎಂದು ಮೂಲಗಳು ತಿಳಿಸಿವೆ.

ಚಳಿ, ಒಣ ಹವೆ!

ಮೈಸೂರು ಚಿಕ್ಕಮಗಳೂರು, ಚಿತ್ರದುರ್ಗ, ದಾವಣಗೆರೆ, ಕೊಡಗು, ಹಾಸನ, ಶಿವಮೊಗ್ಗ ಮತ್ತು ವಿಜಯನಗರ ಜಿಲ್ಲೆಗಳಲ್ಲಿಯೂ ಒಣ ಹವೆಯ ವಾತಾವರಣ ಇರಲಿದೆ.

ಮೊದಲನೇ ಪುಟದಿಂದ...

ಬೆಂಗಳೂರಿನಲ್ಲಿ ಮಂಜು: ಇಂದು ನಗರದಲ್ಲಿ ಎಂದಿನಂತೆ ಚಳಿಯ ಜೊತೆಗೆ ಮಂಜು ಮುಸುಕಿದ ವಾತಾವರಣವಿರುವುದರಿಂದ ಮಕ್ಕಳಿಂದ ಹಿಡಿದು ವೃದ್ಧರವರೆಗೂ ಎಚ್ಚರಿಕೆಯಿಂದಿರುವಂತೆ ಸಲಹೆ ನೀಡಿರುವ ಹವಾಮಾನ ಇಲಾಖೆ, ಬೆಚ್ಚನೆಯ ಉಡುಪು ಧರಿಸುವುದರ ಜೊತೆಗೆ ಸಮತೋಲನ ಆಹಾರ ಸೇವನೆಗೆ ಒತ್ತು ನೀಡುವಂತೆ ಸಲಹೆ ನೀಡಿದೆ. ಇಂದು ಬೆಂಗಳೂರಿನ ತಾಪಮಾನ ಕನಿಷ್ಠ 17ಡಿ ಸಿ ಇದ್ದು, ಗರಿಷ್ಠ 30ಡಿ ಸಿ ಇರಲಿದೆ ಎಂದು ಇಲಾಖೆ ತಿಳಿಸಿದೆ. ಈ ರೀತಿಯ ತೀವ್ರ ಚಳಿಯಿಂದ ಜನರ ಆರೋಗ್ಯದಲ್ಲಿ ಏರುಪೇರಾಗುತ್ತಿದ್ದು, ಬೆಳಗ್ಗಿನ ಹೊದಿಕೆ ಹೊದ್ದುಕೊಳ್ಳಬೇಕು ಹಾಗೂ ಬಿಸಿ ಆಹಾರ ಸೇವನೆ ಮಾಡಬೇಕೆಂದು ವೈದ್ಯರು ಸೂಚಿಸಿದ್ದಾರೆ.

ಸಂಚಾರ ಬದಲಾವಣೆ

ಗುಂಜೂರಿನಿಂದ ವೈಟ್ ಫೀಲ್ಡ್ ಕಡೆಗೆ ಸಂಚರಿಸುವ ಲಘು ವಾಹನಗಳು ಗುಂಜೂರಿನ ಶ್ರೀರಾಮದೇವಾಲಯದ ಬಳಿ ಬಲ ತಿರುವು ಪಡೆದು ಹಲಗಪಳ್ಳ ರಸ್ತೆಯಿಂದ ಮಧುರನಗರದ ಮೂಲಕ ಸೂರಯಾಣಕ ಮತ್ತು ವಾಲೇಪುರ ಮೂಲಕ ಹಾಗೂ ವರ್ತೂರು ಕಾಲೇಜು ಮೂಲಕ ವೈಟ್ ಫೀಲ್ಡ್ ಕಡೆಗೆ ಸಂಚರಿಸಬಹುದು. ಗುಂಜೂರು ಕಡೆಯಿಂದ ಬರುವ ವಾಹನ ಸವಾರರು ಕುಂದಲಹಳ್ಳಿ ಮತ್ತು ಮಾರತ್ ಹಳ್ಳಿ ಕಡೆಗೆ ಸಂಚರಿಸುವ ಲಘು ವಾಹನಗಳು ಗುಂಜೂರು ಕೆ.ಎಸ್.ಸಿ ರಸ್ತೆ, ಪಣತ್ತೂರು ರೈಲ್ವೆ ಬ್ರಿಡ್ಜ್ ಮೂಲಕ ಹಾಗೂ ಏರ್ ಗಯಾರ್ ಕಡೆಯಿಂದ ಸಂಚರಿಸುವಂತೆ ಸಂಚಾರ ಪೊಲೀಸರು ಕೋರಿದ್ದಾರೆ.

ಯುದ್ಧದ ಆತಂಕ

ಪಿಸ್ತಾ, ಪೈನಾಪಲ್, ಮಾರ್ಮಾ ಬಾದಾಮಿ, ಯಾಲಕ್ಕಿ ಸಪ್ಲೈ ಆಗುತ್ತಿಲ್ಲ, ಇದರಿಂದ ಡಿಮ್ಯಾಂಡ್ ಹೆಚ್ಚಾಗಿದ್ದು, ಇವುಗಳ ಬೆಲೆ ಗಗನಕ್ಕೇರಲಿದೆ. ಈಗಾಗಲೇ ಪಿಸ್ತಾ ಸೇರಿದಂತೆ ಹಲವು ಡ್ರೈಫ್ರುಟ್ಸ್ ಬೆಲೆಗಳು ನಿಧಾನವಾಗಿ ಏರಿಕೆಯಾಗುತ್ತಿವೆ.

ಸಜೀವ ದಹನ

ಆಗಿದೆ. ಗ್ಯಾರೇಜಿಗೆ ಬೆಂಕಿ ಬಿದ್ದ ಕೆಲವೇ ಸಮಯದಲ್ಲಿ ಸ್ಥಳೀಯರು ಅಗ್ನಿಶಾಮಕ ಸಿಬ್ಬಂದಿಗೆ ಮಾಹಿತಿ ನೀಡಿದ್ದರು. ನರಸಿಂಗಡಿ ಅಗ್ನಿಶಾಮಕ ದಳದ ತಂಡ ಸ್ಥಳಕ್ಕೆ ತಲುಪಿ ಸುಮಾರು 1 ಗಂಟೆಯ ಪ್ರಯತ್ನದ ನಂತರ ಬೆಂಕಿಯನ್ನ ನಿಯಂತ್ರಣಕ್ಕೆ ತಂದಿತು. ಬಳಿಕ ಸಜೀವ ದಹನವಾಗಿದ್ದ ಚಿರಂಜೀವಿ ಅವರ ಮೃತ

ದೇಹವನ್ನ ಹೊರ ತೆಗೆಯಲಾಯಿತು. ಇನ್ನು ಘಟನೆ ಪೂರ್ವ ನಿಯೋಜಿತ ಕೃತ್ಯ ಎಂದು ಕುಟುಂಬಸ್ಥರು ಆರೋಪಿಸಿದ್ದಾರೆ. ದಾಳಿಕೋರರನ್ನ ಬಂಧಿಸಿ ಕಠಿಣ ಶಿಕ್ಷೆ ವಿಧಿಸುವಂತೆ ಆಗ್ರಹಿಸಿದ್ದಾರೆ. ತನಿಖೆ ಕೈಗೆತ್ತಿಕೊಂಡಿರುವ ಪೊಲೀಸರು ಚಿರಂಜೀವಿ ಹತ್ಯೆಗೆ ನಿಖರ ಕಾರಣ ಪತ್ತೆಹಚ್ಚಲು ಮುಂದಾಗಿದ್ದಾರೆ.

ಸಿಡಿ ಪ್ರಕರಣ

ಪ್ರಕರಣ ಸಂಬಂಧ 2016ರ ಅಕ್ಟೋಬರ್‌ನಲ್ಲಿ ಪತ್ರಕರ್ತ ಹಾಗೂ ಬಘೇಲ್ ಸಹವರ್ತಿಯೂ ಆಗಿದ್ದ ವಿನೋದ್ ಶರ್ಮಾನನ್ನ 500 ಸಿಡಿಗಳೊಂದಿಗೆ ಉತ್ತರ ಪ್ರದೇಶದಲ್ಲಿ ಬಂಧಿಸಲಾಗಿತ್ತು. ವಿಡಿಯೋವನ್ನ ರಾಜಕೀಯ ವಲಯದಲ್ಲಿ ಪ್ರಸಾರ ಮಾಡಿ ಮುನ್ನಾಭ್ ಅವರ ಖ್ಯಾತಿಗೆ ಕಳಂಕ ತರುತ್ತಿದ್ದಾರೆ ಎಂಬ ಆರೋಪದ ಮೇಲೆ ಬಂಧಿಸಲಾಗಿತ್ತು. ನಂತರ ಮುನ್ನಾಭ್ ಸಲ್ಲಿಸಿದ ಎಫ್ಐಆರ್ ಮೇಲೆ ಅಂದಿನ ಕಾಂಗ್ರೆಸ್ ಅಧ್ಯಕ್ಷ ಭೂಪೇಶ್ ಬಘೇಲ್ ಅವನ್ನ 14 ದಿನ ನ್ಯಾಯಾಂಗ ಬಂಧನಕ್ಕೆ ಕಳಿಸಲಾಗಿತ್ತು. ನಂತರ ಈ ಪ್ರಕರಣವನ್ನ ಸಿಬಿಐ ತನಿಖೆಗೆ ವಹಿಸಲಾಯಿತು. ಸಿಬಿಐ ತನಿಖೆ ಕೈಗೆತ್ತಿಕೊಂಡ ನಂತರ ಸುದೀರ್ಘ ತನಿಖೆ ನಡೆಸಿ ಬಘೇಲ್ ಸೇರಿದಂತೆ 6 ಆರೋಪಿಗಳ ವಿರುದ್ಧ ಪೂರಕ ದೋಷಾರೋಪ ಪಟ್ಟಿ ಸಲ್ಲಿಸಿತು. ಈ ಪ್ರಕರಣವು ಹಲವಾರು ವರ್ಷಗಳಿಂದ ಕಾನೂನು ಪರಿಶೀಲನೆಯಲ್ಲಿದೆ. 2024ರಲ್ಲಿ ಛತ್ತೀಸ್‌ಗಢದ ಮ್ಯಾಜಿಸ್ಟ್ರೇಟ್ ಕೋರ್ಟ್ ಪ್ರಕರಣದಿಂದ ಬಘೇಲ್‌ಗೆ ರಿಲೀಫ್ ಕೊಟ್ಟಿತ್ತು. ಆದರೀಗ ಸಿಬಿಐ ಕೋರ್ಟ್ ಮಿಂಬಾಸೆಯನ್ನ ರದ್ದುಗೊಳಿಸಿದೆ.

ಹಿಮಪಾತ

ಎಂದು ಅವರು ಹೇಳಿದ್ದಾರೆ. ರಾಷ್ಟ್ರೀಯ ಹವಾಮಾನ ಇಲಾಖೆ ಮಾಹಿತಿ ಪ್ರಕಾರ, ಉತ್ತರ ಟೆಕ್ಸಾಸ್ ಪ್ರದೇಶದಲ್ಲಿ ಶುಕ್ರವಾರ ರಾತ್ರಿ ಪೂರ್ತಿ ಹಿಮ ಹಾಗೂ ಮಳೆಯಾಗಿದೆ. ಸಾಮಾಜಿಕ ಜಾಲತಾಣ 'ಎಕ್ಸ್'ನಲ್ಲಿ ಪ್ರಕಟಿಸಿದ ಹೇಳಿಕೆಯಲ್ಲಿ, ತೀವ್ರ ಶೀತ ಅಲೆ ಅಪಾಯಕಾರಿ ಮಟ್ಟದಲ್ಲಿ ವ್ಯಾಪಿಸುತ್ತಿದ್ದು, ಇದು ಸೋಮವಾರದವರೆಗೆ ಮುಂದುವರಿಯಲಿದೆ ಎಂದು ಇಲಾಖೆ ಎಚ್ಚರಿಸಿದೆ. ಮುಂದಿನ ಕೆಲವು ರಾತ್ರಿಗಳಲ್ಲಿ ತಾಪಮಾನ ಮೈನಸ್ 24 ಡಿಗ್ರಿ ಸೆಲ್ಸಿಯಸ್ ಮಟ್ಟಕ್ಕೆ ಇಳಿಯುವ ಸಾಧ್ಯತೆ ಇದೆ ಎಂದು ತಿಳಿಸಿದೆ. ಸಿಎನ್ಎನ್ ವರದಿಯ ಪ್ರಕಾರ, ಅಮೆರಿಕದ ಒಟ್ಟು ಜನಸಂಖ್ಯೆಯ ಸುಮಾರು ಮೂರನೇ ಎರಡರಷ್ಟು ಭಾಗವು ಭಾರೀ ಹಿಮಪಾತದ ಚಂಡಮಾರುತ ಹಾಗೂ ತೀವ್ರ ಶೀತ

ಅಲೆಯನ್ನು ಎದುರಿಸುವ ಪರಿಸ್ಥಿತಿ ಎದುರಾಗಿದೆ. ಈ ಚಂಡಮಾರುತದಿಂದ ಉಂಟಾಗುವ ಹಿಮವು ಟೆಕ್ಸಾಸ್‌ನಿಂದ ನ್ಯೂ ಇಂಗ್ಲೆಂಡ್‌ವರೆಗೆ 2,000 ಮೈಲುಗಳಿಗಿಂತ ಹೆಚ್ಚು ವ್ಯಾಪ್ತಿಯಲ್ಲಿ ಹರಡುವ ಸಾಧ್ಯತೆ ಇದೆ. ಈ ನಡುವೆ, ಶುಕ್ರವಾರ ಒಕ್ಲಹೋಮಾ ರಾಜ್ಯದ ಹಲವು ಭಾಗಗಳಲ್ಲಿ ನಿರಂತರವಾಗಿ ಹಿಮಪಾತ ಹಾಗೂ ಮಳೆ ಸುರಿದಿದೆ. ಚಂಡಮಾರುತ ಉತ್ತರ ಪೂರ್ವ ದಿಕ್ಕಿನತ್ತ ಸಾಗಲಿದೆ. ಇದರ ಪರಿಣಾಮವಾಗಿ ವಾಷಿಂಗ್ಟನ್‌ನಿಂದ ನ್ಯೂಯಾರ್ಕ್ ಹಾಗೂ ಬೋಸ್ಟನ್‌ವರೆಗೆ ವ್ಯಾಪಿಸಿರುವ ಪ್ರದೇಶಗಳಲ್ಲಿ ಸುಮಾರು ಒಂದು ಅಡಿ ಹಿಮಪಾತ ಸಂಭವಿಸುವ ಸಾಧ್ಯತೆ ಇದೆ. ಹಲವು ದಿನಗಳ ಕಾಲ ಮುಂದುವರಿದ ಭಾರೀ ಹಿಮಪಾತದ ಹಿನ್ನೆಲೆಯಲ್ಲಿ, ಗ್ರಾಮೀಣ ಲೂಯಿಸ್ ಕೌಂಟಿ ಹಾಗೂ ಮೇಲಿನ ನ್ಯೂಯಾರ್ಕ್‌ನ ಇತರ ಭಾಗಗಳಲ್ಲಿ ಬೆಳಗಿನ ಜಾವ ತಾಪಮಾನ ಮೈನಸ್ 34 ಡಿಗ್ರಿ ಸೆಲ್ಸಿಯಸ್ ಮಟ್ಟಕ್ಕೆ ಇಳಿದಿದೆ ಎಂದು ಇಲಾಖೆ ತಿಳಿಸಿದೆ.

ಪ್ಲ್ಯಾನ್

ಟ್ರಾಫಿಕ್ ಸರ್ವೇಯಲ್ಲಿ ರೋಚಕ ಅಂಶವನ್ನು ಪತ್ತೆ ಮಾಡಿದ ಪೊಲೀಸರು ಸಮಸ್ಯೆಗೊಂದು ಮದ್ದು ಕಂಡು ಹಿಡಿಯುವತ್ತ ಚಿತ್ತ ನೆಟ್ಟಿದ್ದಾರೆ. ನಗರದ ಹಲವೆಡೆ ಸವಾರರಿಗೆ ಕಿರಿಕಿರಿ ಜೊತೆ ಟ್ರಾಫಿಕ್ ಸಮಸ್ಯೆ ಹೆಚ್ಚಾಗುತ್ತಿದೆ. ಒನ್ ವೇ ಸವಾರರೇ ಇಷ್ಟೆಲ್ಲ ಅವಾಂತರಕ್ಕೆ ಕಾರಣವಂತೆ. 50 ಮೀಟರ್, 100 ಮೀಟರ್ ಆಷ್ಟೇ ಅಂತ ಟ್ರಾಫಿಕ್ ನಡುವೆಯೂ ಒನ್ ವೇಗಳಲ್ಲಿ ನುಗ್ಗಿ ಸಂಚಾರ ಮಾಡುತ್ತಾರೆ. ಇದರ ಪರಿಣಾಮ ಎದುರಿಗೆ ಬರುವ ಸವಾರರಿಗೆ ಕಿರಿಕಿರಿ ಹೆಚ್ಚಾಗುತ್ತಿದೆ. ಈ ಎಲ್ಲಾ ಕಾರಣಗಳಿಂದಲೇ ನಗರದ ಟ್ರಾಫಿಕ್ ಸಮಸ್ಯೆ ನಿವಾರಣೆಗೆ ಮೊದಲ ಹೆಜ್ಜೆ ಇಟ್ಟಿದ್ದಾರೆ. ಆರ್‌ಟಿಒ ಅಧಿಕಾರಿಗಳ ಜೊತೆ ಕೈ ಜೋಡಿಸಿರುವ ಪೊಲೀಸರು, ಇಂತಹ ಸವಾರರನ್ನ ಪತ್ತೆ ಹಚ್ಚಿ ಅಂಥವರ ಡಿಎಲ್ ಕ್ಯಾನ್ಸಲೇಷನ್‌ಗೆ ಮುಂದಾಗಿದ್ದಾರೆ. ಶೀಘ್ರ, ತಂಡಗಳಾಗಿ ಕಾರ್ಯಾಚರಣೆಗೆ ಇಳಿಯಲಿರುವ ಪೊಲೀಸರು, ಒನ್ ವೇ ಸವಾರರನ್ನ ಪತ್ತೆ ಹಚ್ಚಿ ಅವರ ಡಿಎಲ್‌ಗಳನ್ನ ನೇರವಾಗಿ ಆರ್‌ಟಿಒಗೆ ರವಾನೆ ಮಾಡಲಿದ್ದಾರೆ. ಬಳಿಕ ಡಿಎಲ್‌ಗಳನ್ನ ಸಾಂಗ್ ಅಧಿಕಾರಿಗಳು ಪೊಲೀಸರ ಸೂಚನೆಯಂತೆ ಮೂರು ತಿಂಗಳು ಅಮಾನತ್ತಿನಲ್ಲಿ ಇಡಲಿದ್ದಾರೆ.
